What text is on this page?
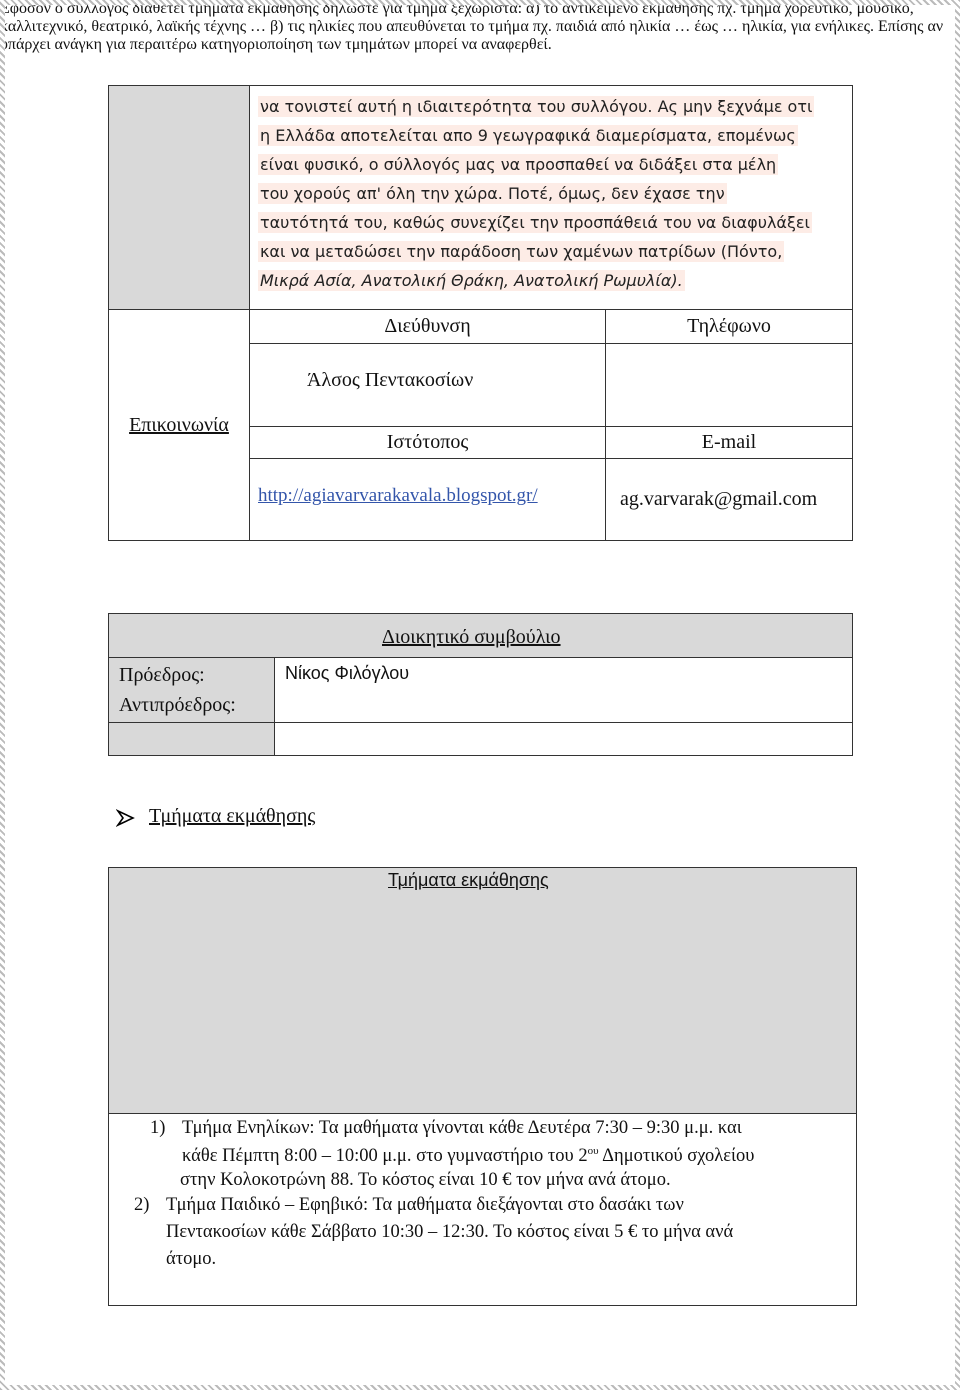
να τονιστεί αυτή η ιδιαιτερότητα του συλλόγου. Ας μην ξεχνάμε οτι
η Ελλάδα αποτελείται απο 9 γεωγραφικά διαμερίσματα, επομένως
είναι φυσικό, ο σύλλογός μας να προσπαθεί να διδάξει στα μέλη
του χορούς απ' όλη την χώρα. Ποτέ, όμως, δεν έχασε την
ταυτότητά του, καθώς συνεχίζει την προσπάθειά του να διαφυλάξει
και να μεταδώσει την παράδοση των χαμένων πατρίδων (Πόντο,
Μικρά Ασία, Ανατολική Θράκη, Ανατολική Ρωμυλία).
Επικοινωνία
Διεύθυνση	Τηλέφωνο
Άλσος Πεντακοσίων
Ιστότοπος	E-mail
http://agiavarvarakavala.blogspot.gr/	ag.varvarak@gmail.com
Διοικητικό συμβούλιο
Πρόεδρος:
Αντιπρόεδρος:
Νίκος Φιλόγλου
Τμήματα εκμάθησης
Τμήματα εκμάθησης
Εφόσον ο σύλλογος διαθέτει τμήματα εκμάθησης δηλώστε για τμήμα ξεχωριστά: α) το αντικείμενο εκμάθησης πχ. τμήμα χορευτικό, μουσικό, καλλιτεχνικό, θεατρικό, λαϊκής τέχνης … β) τις ηλικίες που απευθύνεται το τμήμα πχ. παιδιά από ηλικία … έως … ηλικία, για ενήλικες. Επίσης αν υπάρχει ανάγκη για περαιτέρω κατηγοριοποίηση των τμημάτων μπορεί να αναφερθεί.
1) Τμήμα Ενηλίκων: Τα μαθήματα γίνονται κάθε Δευτέρα 7:30 – 9:30 μ.μ. και
κάθε Πέμπτη 8:00 – 10:00 μ.μ. στο γυμναστήριο του $2^{o\upsilon}$ Δημοτικού σχολείου
στην Κολοκοτρώνη 88. Το κόστος είναι 10 € τον μήνα ανά άτομο.
2) Τμήμα Παιδικό – Εφηβικό: Τα μαθήματα διεξάγονται στο δασάκι των
Πεντακοσίων κάθε Σάββατο 10:30 – 12:30. Το κόστος είναι 5 € το μήνα ανά
άτομο.
